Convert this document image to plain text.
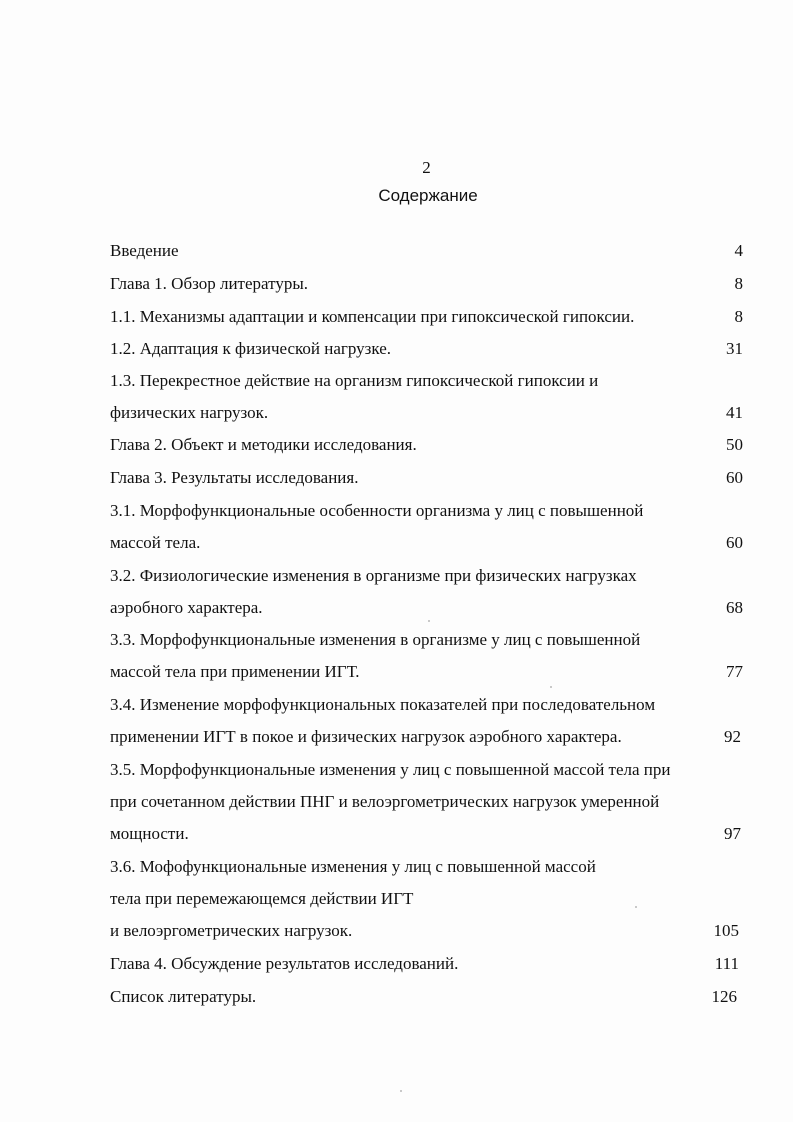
2
Содержание
Введение	4
Глава 1. Обзор литературы.	8
1.1. Механизмы адаптации и компенсации при гипоксической гипоксии.	8
1.2. Адаптация к физической нагрузке.	31
1.3. Перекрестное действие на организм гипоксической гипоксии и
физических нагрузок.	41
Глава 2. Объект и методики исследования.	50
Глава 3. Результаты исследования.	60
3.1. Морфофункциональные особенности организма у лиц с повышенной
массой тела.	60
3.2. Физиологические изменения в организме при физических нагрузках
аэробного характера.	68
3.3. Морфофункциональные изменения в организме у лиц с повышенной
массой тела при применении ИГТ.	77
3.4. Изменение морфофункциональных показателей при последовательном
применении ИГТ в покое и физических нагрузок аэробного характера.	92
3.5. Морфофункциональные изменения у лиц с повышенной массой тела при
при сочетанном действии ПНГ и велоэргометрических нагрузок умеренной
мощности.	97
3.6. Мофофункциональные изменения у лиц с повышенной массой
тела при перемежающемся действии ИГТ
и велоэргометрических нагрузок.	105
Глава 4. Обсуждение результатов исследований.	111
Список литературы.	126
